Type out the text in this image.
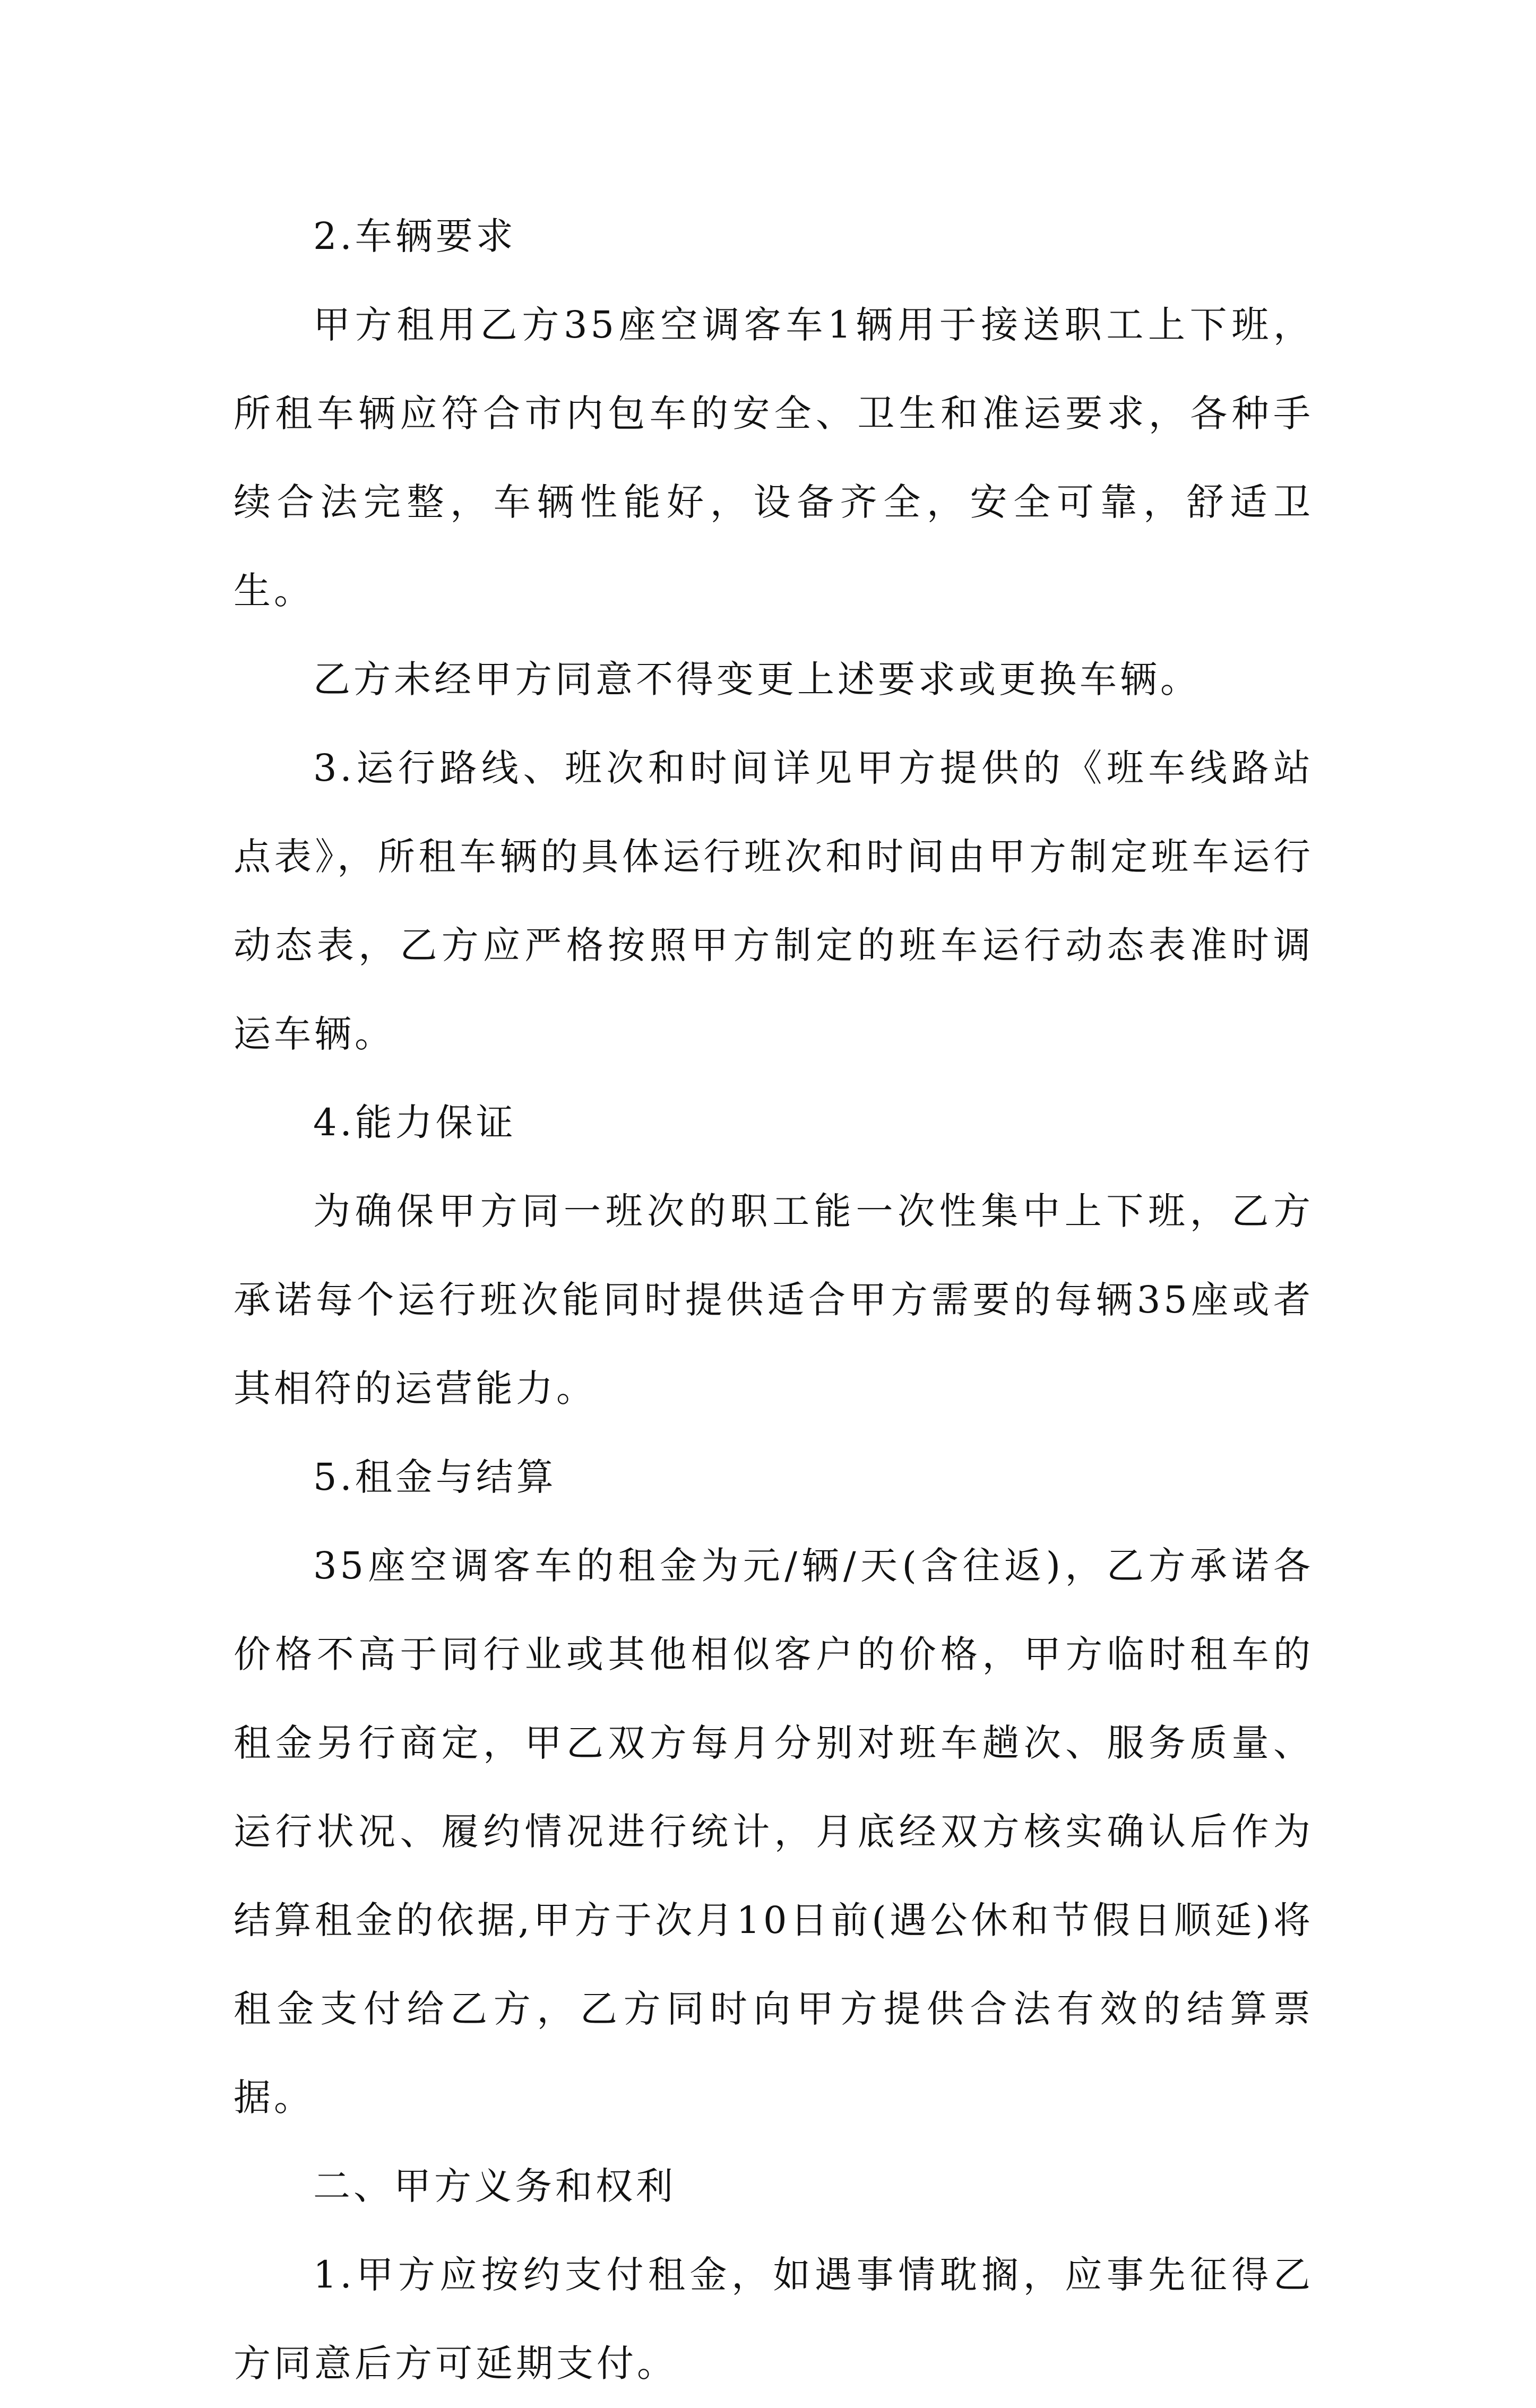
2.车辆要求

甲方租用乙方35座空调客车1辆用于接送职工上下班，所租车辆应符合市内包车的安全、卫生和准运要求，各种手续合法完整，车辆性能好，设备齐全，安全可靠，舒适卫生。

乙方未经甲方同意不得变更上述要求或更换车辆。

3.运行路线、班次和时间详见甲方提供的《班车线路站点表》，所租车辆的具体运行班次和时间由甲方制定班车运行动态表，乙方应严格按照甲方制定的班车运行动态表准时调运车辆。

4.能力保证

为确保甲方同一班次的职工能一次性集中上下班，乙方承诺每个运行班次能同时提供适合甲方需要的每辆35座或者其相符的运营能力。

5.租金与结算

35座空调客车的租金为元/辆/天(含往返)，乙方承诺各价格不高于同行业或其他相似客户的价格，甲方临时租车的租金另行商定，甲乙双方每月分别对班车趟次、服务质量、运行状况、履约情况进行统计，月底经双方核实确认后作为结算租金的依据,甲方于次月10日前(遇公休和节假日顺延)将租金支付给乙方，乙方同时向甲方提供合法有效的结算票据。

二、甲方义务和权利

1.甲方应按约支付租金，如遇事情耽搁，应事先征得乙方同意后方可延期支付。
